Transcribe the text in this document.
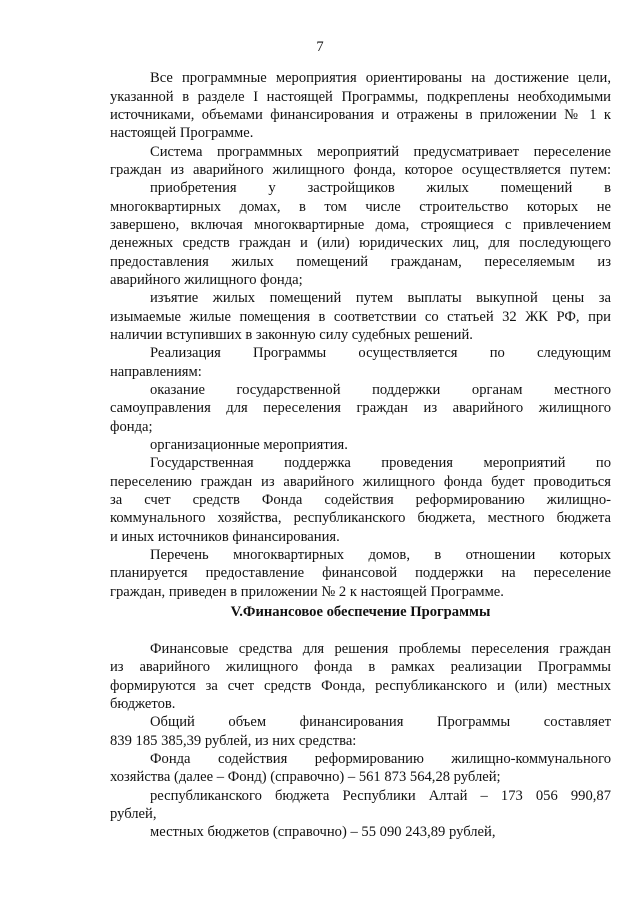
7
Все программные мероприятия ориентированы на достижение цели,
указанной в разделе I настоящей Программы, подкреплены необходимыми
источниками, объемами финансирования и отражены в приложении № 1 к
настоящей Программе.
Система программных мероприятий предусматривает переселение
граждан из аварийного жилищного фонда, которое осуществляется путем:
приобретения у застройщиков жилых помещений в
многоквартирных домах, в том числе строительство которых не
завершено, включая многоквартирные дома, строящиеся с привлечением
денежных средств граждан и (или) юридических лиц, для последующего
предоставления жилых помещений гражданам, переселяемым из
аварийного жилищного фонда;
изъятие жилых помещений путем выплаты выкупной цены за
изымаемые жилые помещения в соответствии со статьей 32 ЖК РФ, при
наличии вступивших в законную силу судебных решений.
Реализация Программы осуществляется по следующим
направлениям:
оказание государственной поддержки органам местного
самоуправления для переселения граждан из аварийного жилищного
фонда;
организационные мероприятия.
Государственная поддержка проведения мероприятий по
переселению граждан из аварийного жилищного фонда будет проводиться
за счет средств Фонда содействия реформированию жилищно-
коммунального хозяйства, республиканского бюджета, местного бюджета
и иных источников финансирования.
Перечень многоквартирных домов, в отношении которых
планируется предоставление финансовой поддержки на переселение
граждан, приведен в приложении № 2 к настоящей Программе.
V.Финансовое обеспечение Программы
Финансовые средства для решения проблемы переселения граждан
из аварийного жилищного фонда в рамках реализации Программы
формируются за счет средств Фонда, республиканского и (или) местных
бюджетов.
Общий объем финансирования Программы составляет
839 185 385,39 рублей, из них средства:
Фонда содействия реформированию жилищно-коммунального
хозяйства (далее – Фонд) (справочно) – 561 873 564,28 рублей;
республиканского бюджета Республики Алтай – 173 056 990,87
рублей,
местных бюджетов (справочно) – 55 090 243,89 рублей,
